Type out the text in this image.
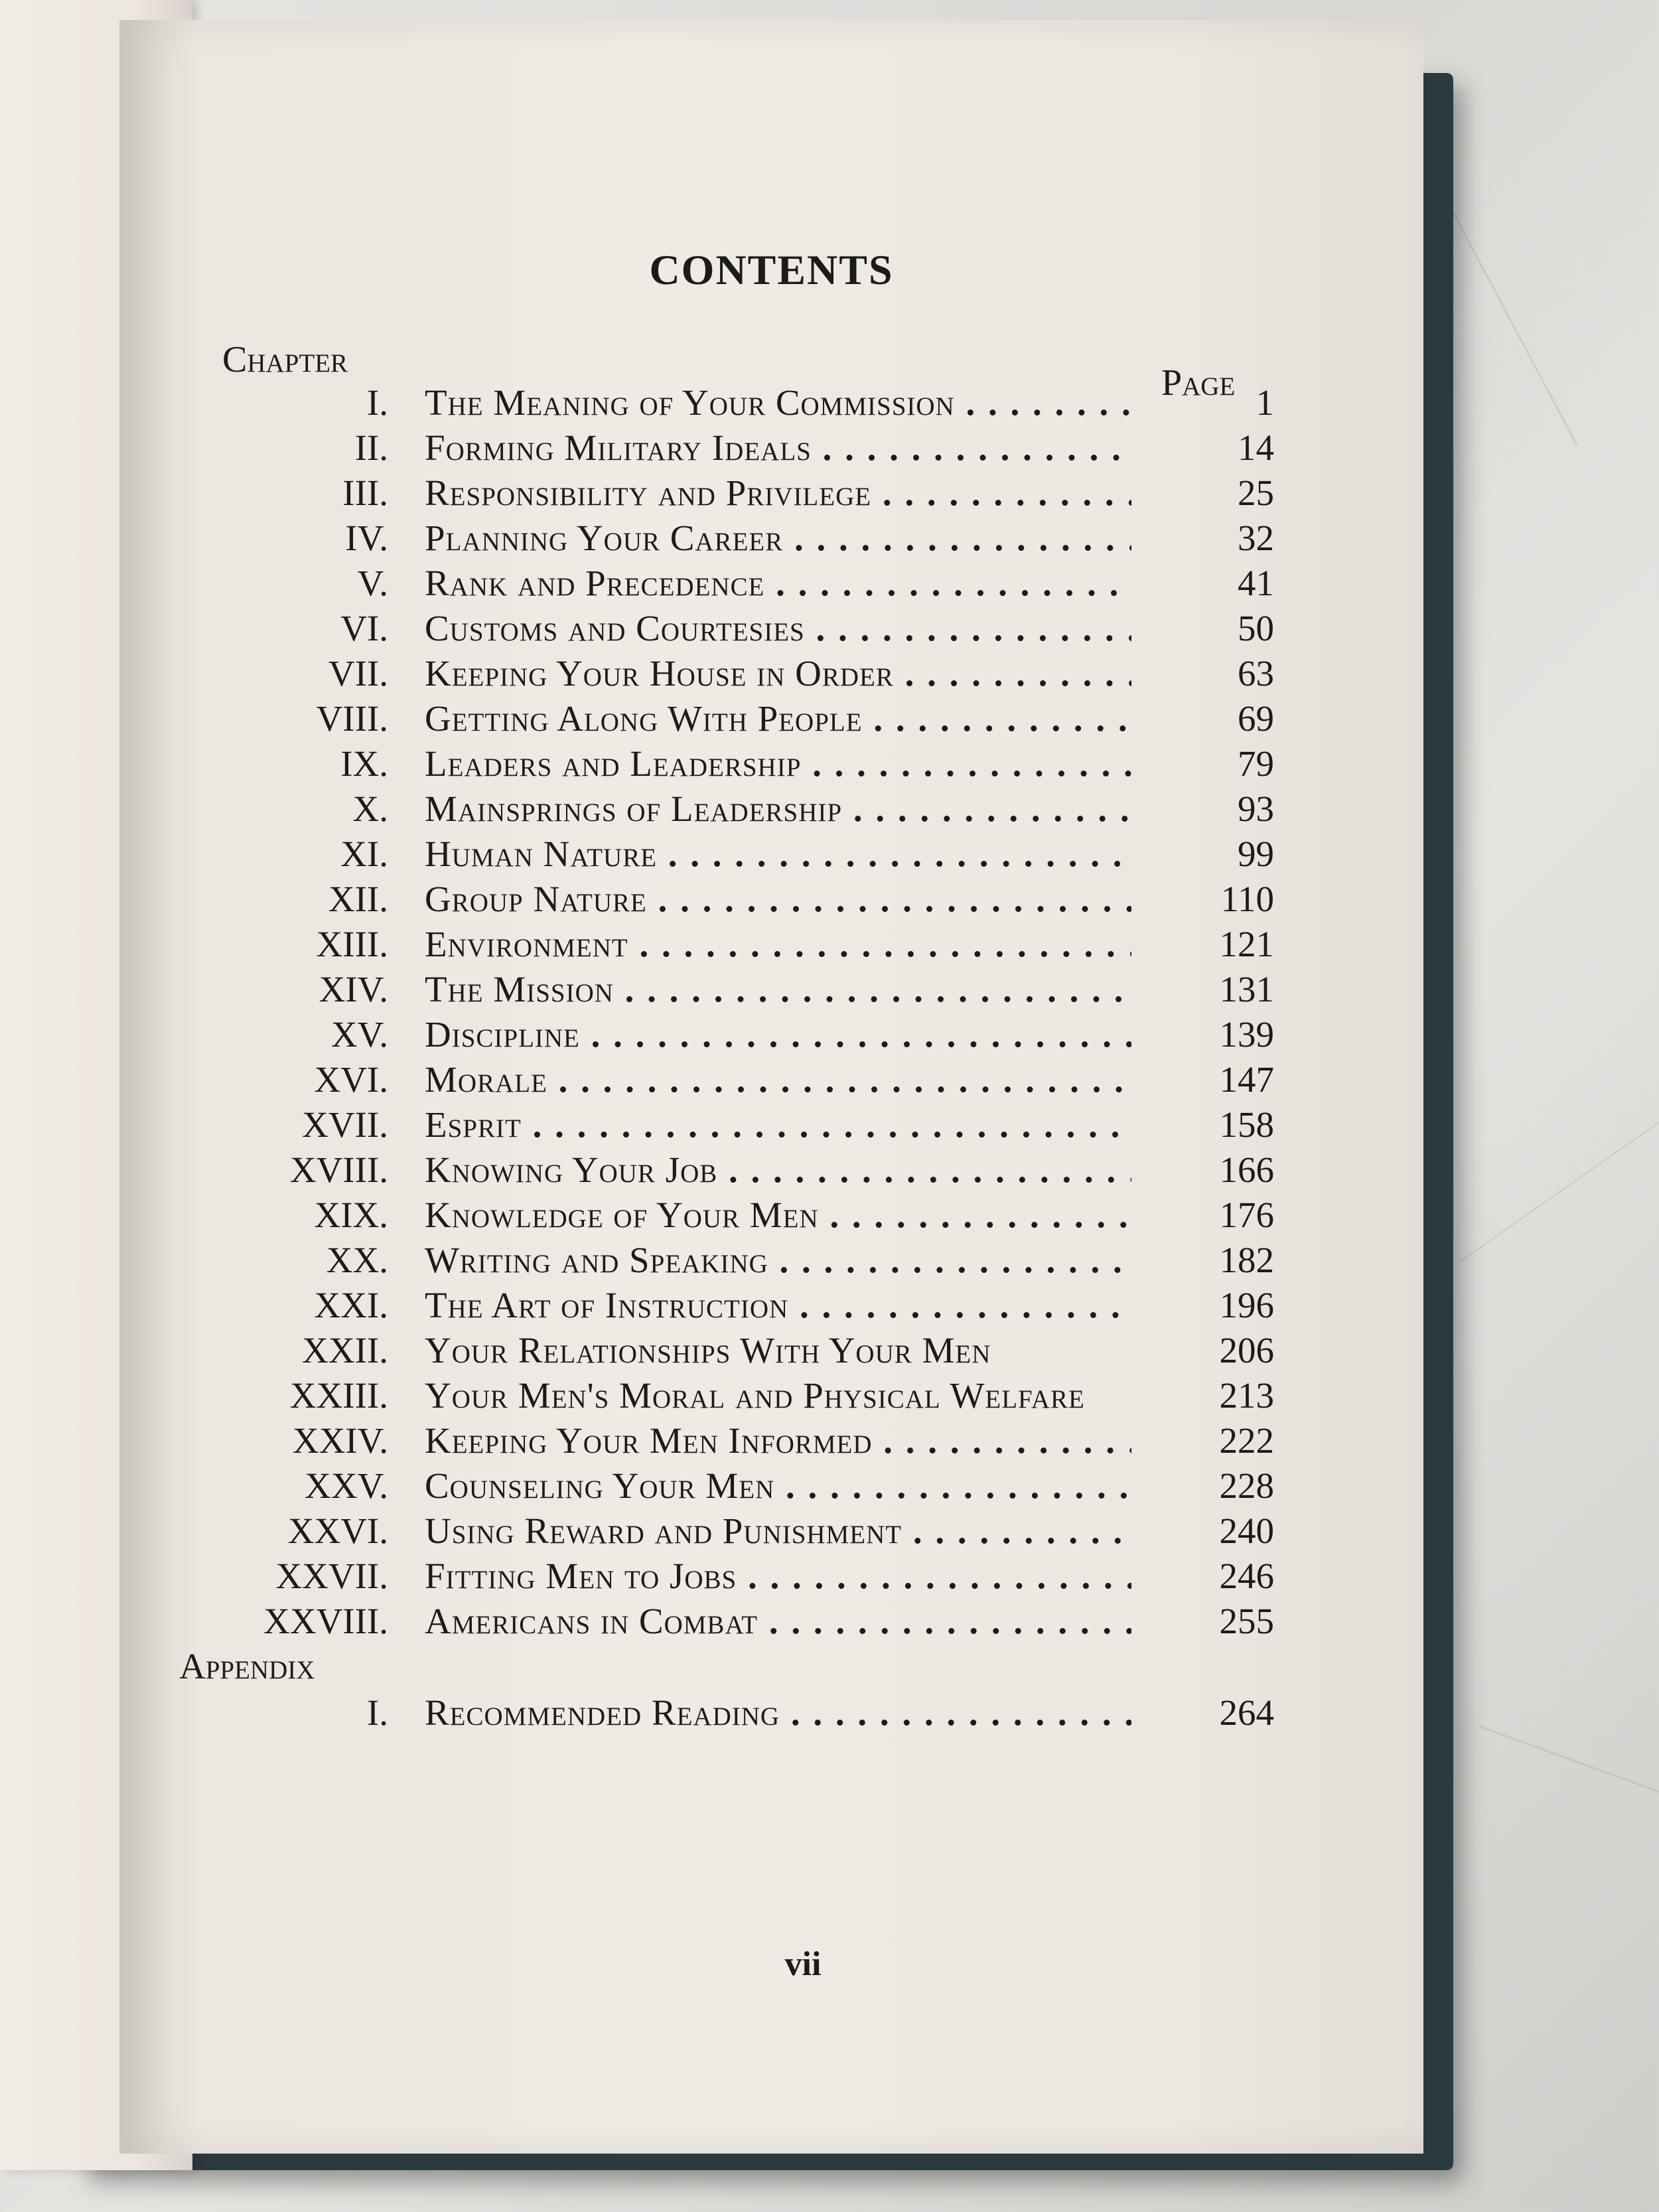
CONTENTS
Chapter
Page
I. The Meaning of Your Commission . . .	1
II. Forming Military Ideals . . .	14
III. Responsibility and Privilege . . .	25
IV. Planning Your Career . . .	32
V. Rank and Precedence . . .	41
VI. Customs and Courtesies . . .	50
VII. Keeping Your House in Order . . .	63
VIII. Getting Along With People . . .	69
IX. Leaders and Leadership . . .	79
X. Mainsprings of Leadership . . .	93
XI. Human Nature . . .	99
XII. Group Nature . . .	110
XIII. Environment . . .	121
XIV. The Mission . . .	131
XV. Discipline . . .	139
XVI. Morale . . .	147
XVII. Esprit . . .	158
XVIII. Knowing Your Job . . .	166
XIX. Knowledge of Your Men . . .	176
XX. Writing and Speaking . . .	182
XXI. The Art of Instruction . . .	196
XXII. Your Relationships With Your Men	206
XXIII. Your Men's Moral and Physical Welfare	213
XXIV. Keeping Your Men Informed . . .	222
XXV. Counseling Your Men . . .	228
XXVI. Using Reward and Punishment . . .	240
XXVII. Fitting Men to Jobs . . .	246
XXVIII. Americans in Combat . . .	255
Appendix
I. Recommended Reading . . .	264
vii
